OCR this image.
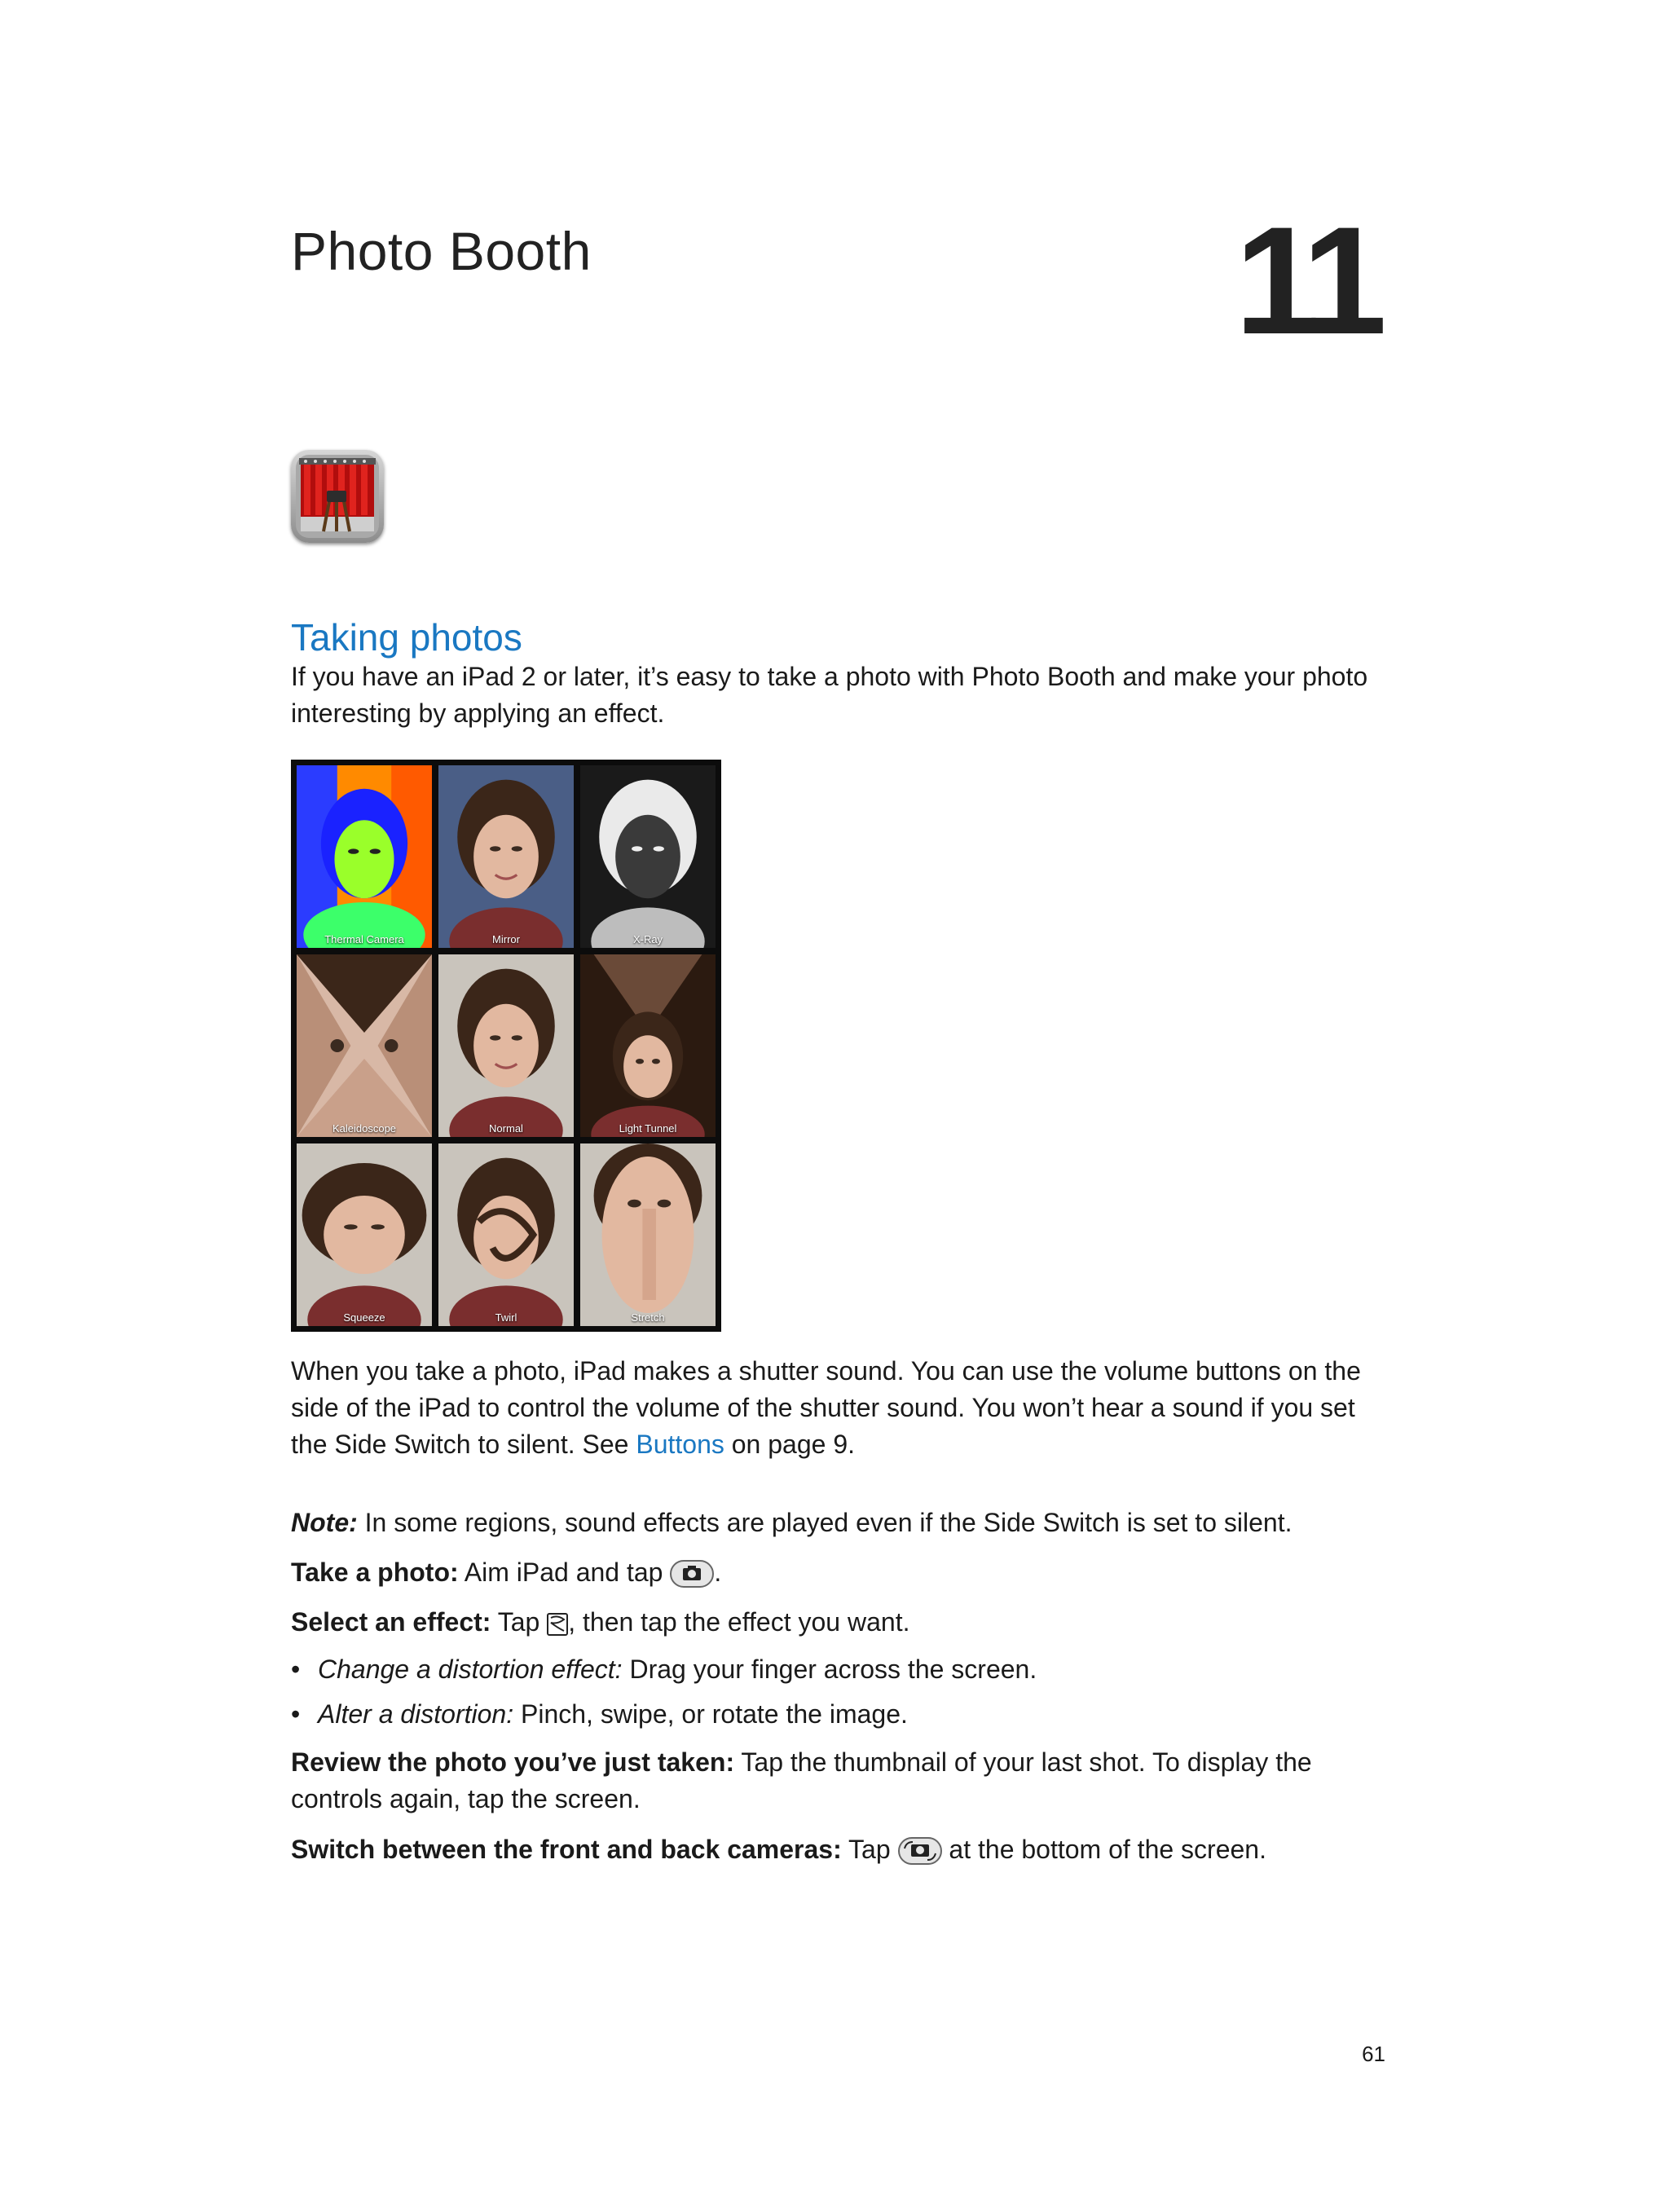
Photo Booth	11
Taking photos

If you have an iPad 2 or later, it’s easy to take a photo with Photo Booth and make your photo interesting by applying an effect.

Thermal Camera	Mirror	X-Ray
Kaleidoscope	Normal	Light Tunnel
Squeeze	Twirl	Stretch

When you take a photo, iPad makes a shutter sound. You can use the volume buttons on the side of the iPad to control the volume of the shutter sound. You won’t hear a sound if you set the Side Switch to silent. See Buttons on page 9.

Note: In some regions, sound effects are played even if the Side Switch is set to silent.

Take a photo: Aim iPad and tap .

Select an effect: Tap , then tap the effect you want.

• Change a distortion effect: Drag your finger across the screen.

• Alter a distortion: Pinch, swipe, or rotate the image.

Review the photo you’ve just taken: Tap the thumbnail of your last shot. To display the controls again, tap the screen.

Switch between the front and back cameras: Tap  at the bottom of the screen.

61
